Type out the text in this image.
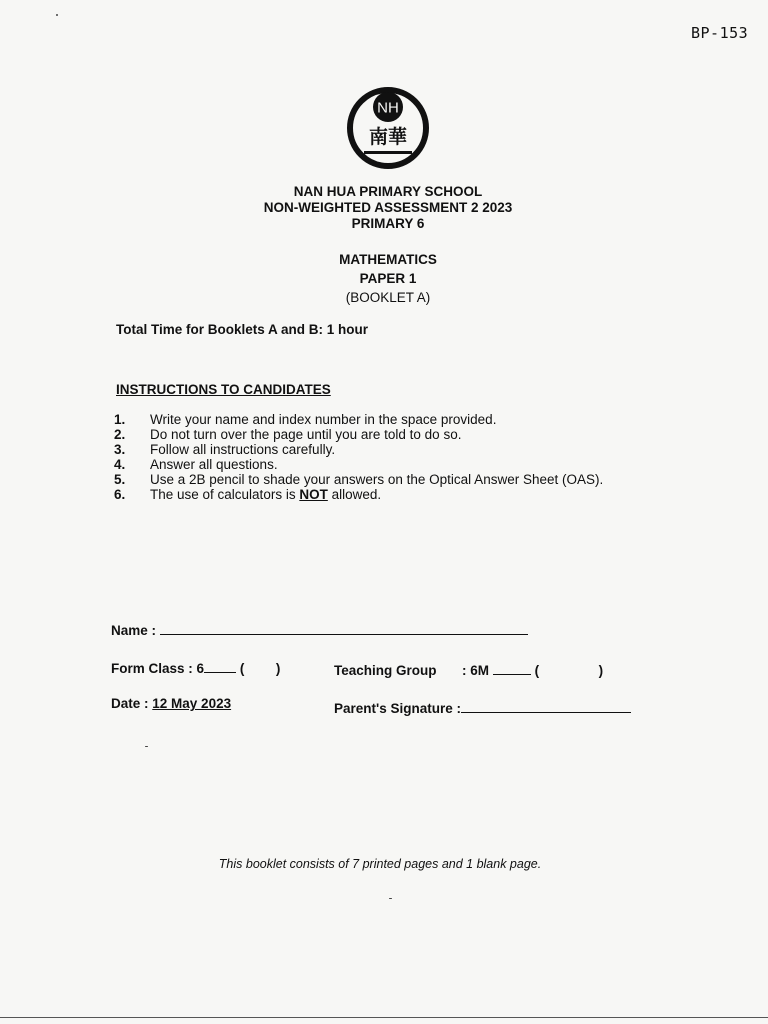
BP-153
NH
南華
NAN HUA PRIMARY SCHOOL
NON-WEIGHTED ASSESSMENT 2 2023
PRIMARY 6
MATHEMATICS
PAPER 1
(BOOKLET A)
Total Time for Booklets A and B: 1 hour
INSTRUCTIONS TO CANDIDATES
1.	Write your name and index number in the space provided.
2.	Do not turn over the page until you are told to do so.
3.	Follow all instructions carefully.
4.	Answer all questions.
5.	Use a 2B pencil to shade your answers on the Optical Answer Sheet (OAS).
6.	The use of calculators is NOT allowed.
Name :
Form Class : 6	( )	Teaching Group : 6M	(	)
Date : 12 May 2023	Parent's Signature :
This booklet consists of 7 printed pages and 1 blank page.
